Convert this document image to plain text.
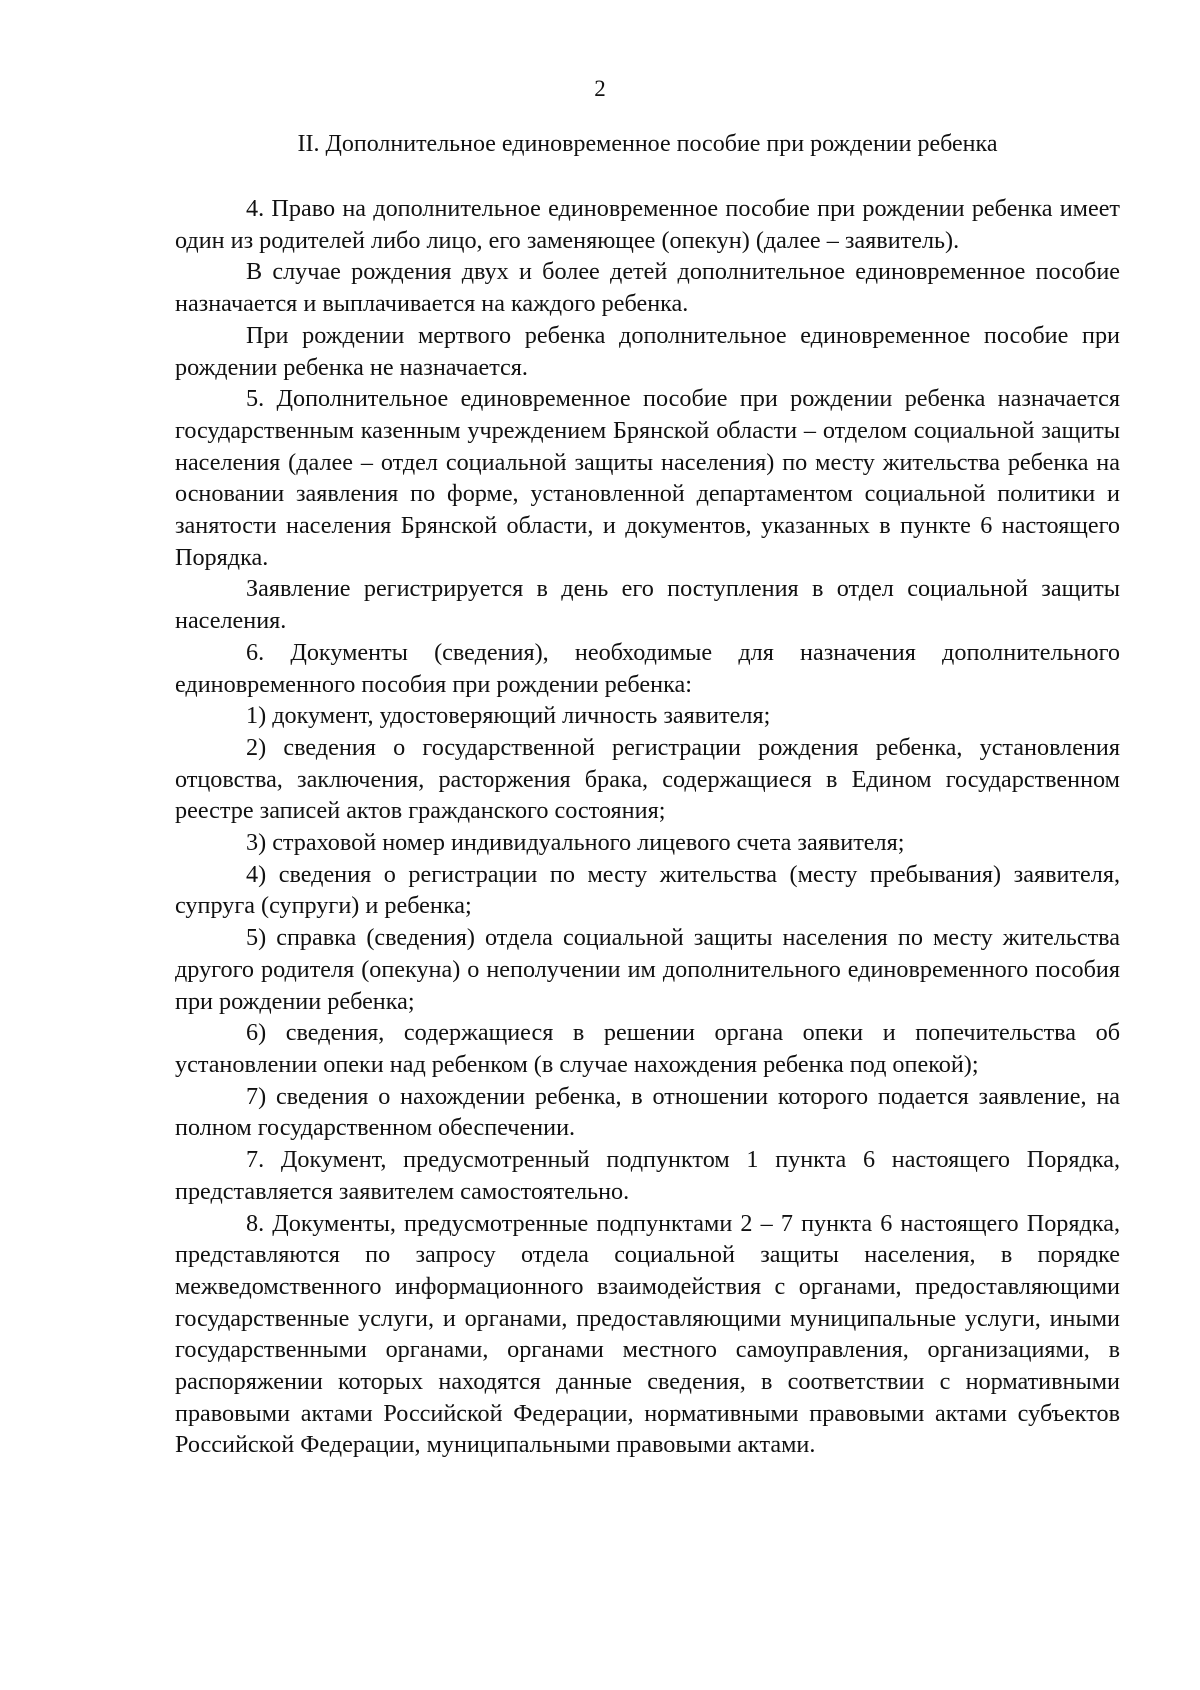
2
II. Дополнительное единовременное пособие при рождении ребенка

4. Право на дополнительное единовременное пособие при рождении ребенка имеет один из родителей либо лицо, его заменяющее (опекун) (далее – заявитель).

В случае рождения двух и более детей дополнительное единовременное пособие назначается и выплачивается на каждого ребенка.

При рождении мертвого ребенка дополнительное единовременное пособие при рождении ребенка не назначается.

5. Дополнительное единовременное пособие при рождении ребенка назначается государственным казенным учреждением Брянской области – отделом социальной защиты населения (далее – отдел социальной защиты населения) по месту жительства ребенка на основании заявления по форме, установленной департаментом социальной политики и занятости населения Брянской области, и документов, указанных в пункте 6 настоящего Порядка.

Заявление регистрируется в день его поступления в отдел социальной защиты населения.

6. Документы (сведения), необходимые для назначения дополнительного единовременного пособия при рождении ребенка:

1) документ, удостоверяющий личность заявителя;

2) сведения о государственной регистрации рождения ребенка, установления отцовства, заключения, расторжения брака, содержащиеся в Едином государственном реестре записей актов гражданского состояния;

3) страховой номер индивидуального лицевого счета заявителя;

4) сведения о регистрации по месту жительства (месту пребывания) заявителя, супруга (супруги) и ребенка;

5) справка (сведения) отдела социальной защиты населения по месту жительства другого родителя (опекуна) о неполучении им дополнительного единовременного пособия при рождении ребенка;

6) сведения, содержащиеся в решении органа опеки и попечительства об установлении опеки над ребенком (в случае нахождения ребенка под опекой);

7) сведения о нахождении ребенка, в отношении которого подается заявление, на полном государственном обеспечении.

7. Документ, предусмотренный подпунктом 1 пункта 6 настоящего Порядка, представляется заявителем самостоятельно.

8. Документы, предусмотренные подпунктами 2 – 7 пункта 6 настоящего Порядка, представляются по запросу отдела социальной защиты населения, в порядке межведомственного информационного взаимодействия с органами, предоставляющими государственные услуги, и органами, предоставляющими муниципальные услуги, иными государственными органами, органами местного самоуправления, организациями, в распоряжении которых находятся данные сведения, в соответствии с нормативными правовыми актами Российской Федерации, нормативными правовыми актами субъектов Российской Федерации, муниципальными правовыми актами.
